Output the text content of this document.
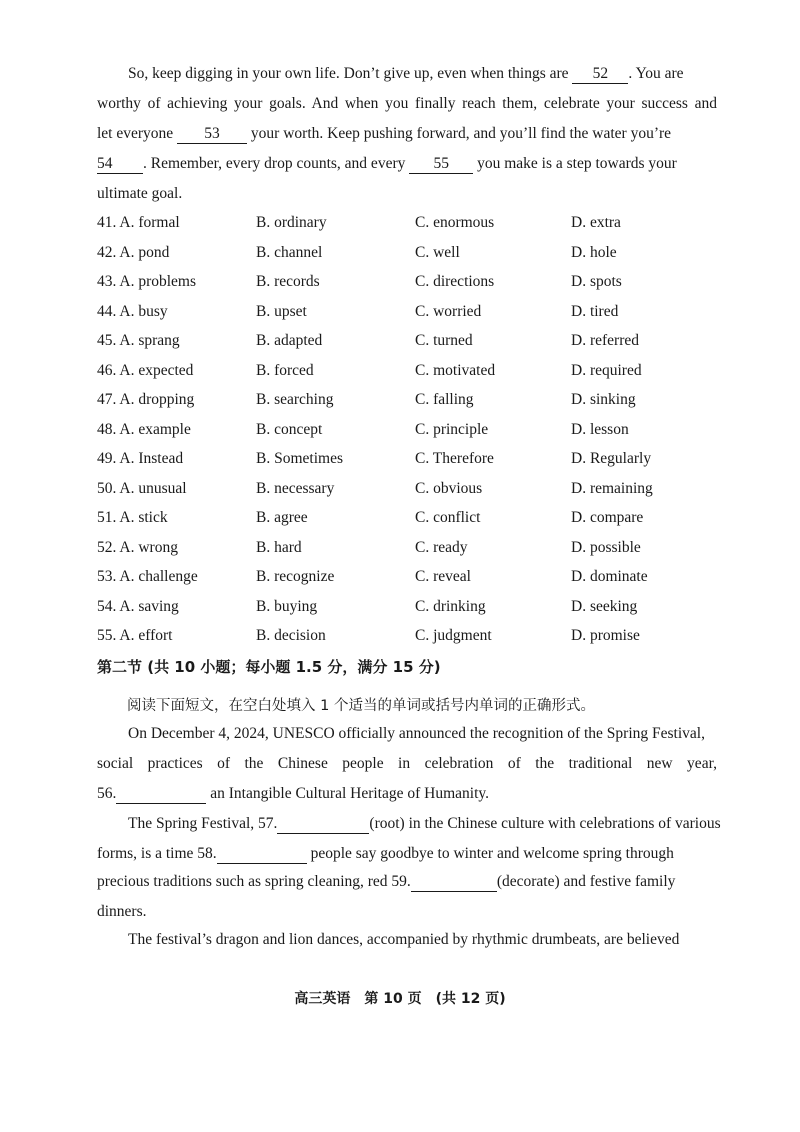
So, keep digging in your own life. Don’t give up, even when things are 52 . You are
worthy of achieving your goals. And when you finally reach them, celebrate your success and
let everyone 53 your worth. Keep pushing forward, and you’ll find the water you’re
54 . Remember, every drop counts, and every 55 you make is a step towards your
ultimate goal.
41. A. formal	B. ordinary	C. enormous	D. extra
42. A. pond	B. channel	C. well	D. hole
43. A. problems	B. records	C. directions	D. spots
44. A. busy	B. upset	C. worried	D. tired
45. A. sprang	B. adapted	C. turned	D. referred
46. A. expected	B. forced	C. motivated	D. required
47. A. dropping	B. searching	C. falling	D. sinking
48. A. example	B. concept	C. principle	D. lesson
49. A. Instead	B. Sometimes	C. Therefore	D. Regularly
50. A. unusual	B. necessary	C. obvious	D. remaining
51. A. stick	B. agree	C. conflict	D. compare
52. A. wrong	B. hard	C. ready	D. possible
53. A. challenge	B. recognize	C. reveal	D. dominate
54. A. saving	B. buying	C. drinking	D. seeking
55. A. effort	B. decision	C. judgment	D. promise
第二节 (共 10 小题；每小题 1.5 分，满分 15 分)
阅读下面短文，在空白处填入 1 个适当的单词或括号内单词的正确形式。
On December 4, 2024, UNESCO officially announced the recognition of the Spring Festival,
social practices of the Chinese people in celebration of the traditional new year,
56.	an Intangible Cultural Heritage of Humanity.
The Spring Festival, 57.	(root) in the Chinese culture with celebrations of various
forms, is a time 58.	people say goodbye to winter and welcome spring through
precious traditions such as spring cleaning, red 59.	(decorate) and festive family
dinners.
The festival’s dragon and lion dances, accompanied by rhythmic drumbeats, are believed
高三英语　第 10 页　(共 12 页)
